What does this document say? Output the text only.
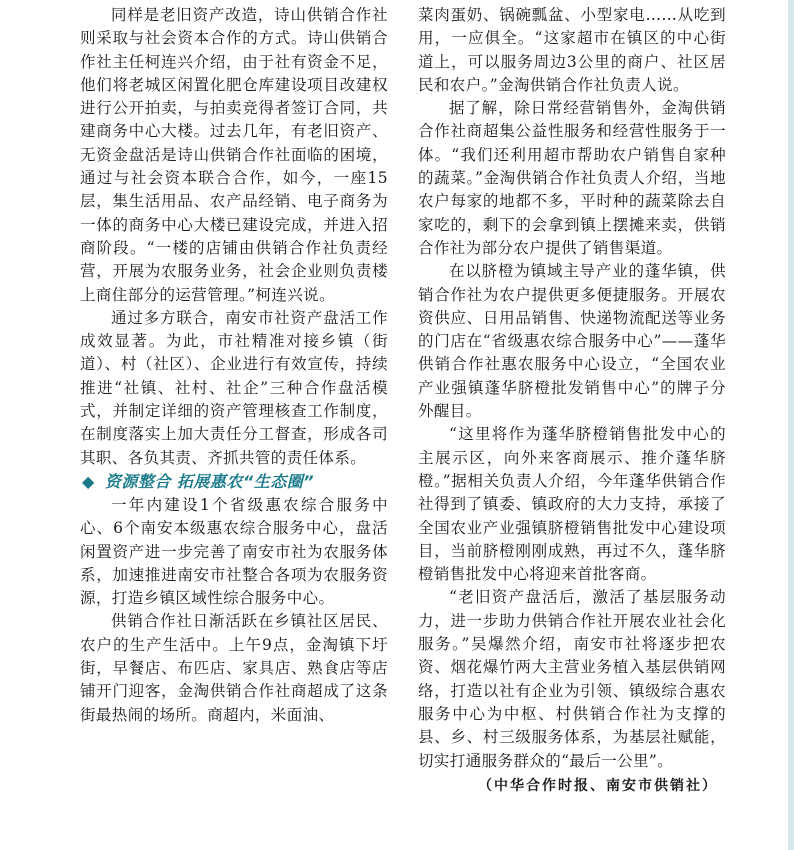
同样是老旧资产改造，诗山供销合作社则采取与社会资本合作的方式。诗山供销合作社主任柯连兴介绍，由于社有资金不足，他们将老城区闲置化肥仓库建设项目改建权进行公开拍卖，与拍卖竞得者签订合同，共建商务中心大楼。过去几年，有老旧资产、无资金盘活是诗山供销合作社面临的困境，通过与社会资本联合合作，如今，一座15层，集生活用品、农产品经销、电子商务为一体的商务中心大楼已建设完成，并进入招商阶段。“一楼的店铺由供销合作社负责经营，开展为农服务业务，社会企业则负责楼上商住部分的运营管理。”柯连兴说。

通过多方联合，南安市社资产盘活工作成效显著。为此，市社精准对接乡镇（街道）、村（社区）、企业进行有效宣传，持续推进“社镇、社村、社企”三种合作盘活模式，并制定详细的资产管理核查工作制度，在制度落实上加大责任分工督查，形成各司其职、各负其责、齐抓共管的责任体系。

◆ 资源整合 拓展惠农“生态圈”

一年内建设1个省级惠农综合服务中心、6个南安本级惠农综合服务中心，盘活闲置资产进一步完善了南安市社为农服务体系，加速推进南安市社整合各项为农服务资源，打造乡镇区域性综合服务中心。

供销合作社日渐活跃在乡镇社区居民、农户的生产生活中。上午9点，金淘镇下圩街，早餐店、布匹店、家具店、熟食店等店铺开门迎客，金淘供销合作社商超成了这条街最热闹的场所。商超内，米面油、

菜肉蛋奶、锅碗瓢盆、小型家电……从吃到用，一应俱全。“这家超市在镇区的中心街道上，可以服务周边3公里的商户、社区居民和农户。”金淘供销合作社负责人说。

据了解，除日常经营销售外，金淘供销合作社商超集公益性服务和经营性服务于一体。“我们还利用超市帮助农户销售自家种的蔬菜。”金淘供销合作社负责人介绍，当地农户每家的地都不多，平时种的蔬菜除去自家吃的，剩下的会拿到镇上摆摊来卖，供销合作社为部分农户提供了销售渠道。

在以脐橙为镇域主导产业的蓬华镇，供销合作社为农户提供更多便捷服务。开展农资供应、日用品销售、快递物流配送等业务的门店在“省级惠农综合服务中心”——蓬华供销合作社惠农服务中心设立，“全国农业产业强镇蓬华脐橙批发销售中心”的牌子分外醒目。

“这里将作为蓬华脐橙销售批发中心的主展示区，向外来客商展示、推介蓬华脐橙。”据相关负责人介绍，今年蓬华供销合作社得到了镇委、镇政府的大力支持，承接了全国农业产业强镇脐橙销售批发中心建设项目，当前脐橙刚刚成熟，再过不久，蓬华脐橙销售批发中心将迎来首批客商。

“老旧资产盘活后，激活了基层服务动力，进一步助力供销合作社开展农业社会化服务。”吴爆然介绍，南安市社将逐步把农资、烟花爆竹两大主营业务植入基层供销网络，打造以社有企业为引领、镇级综合惠农服务中心为中枢、村供销合作社为支撑的县、乡、村三级服务体系，为基层社赋能，切实打通服务群众的“最后一公里”。

（中华合作时报、南安市供销社）
